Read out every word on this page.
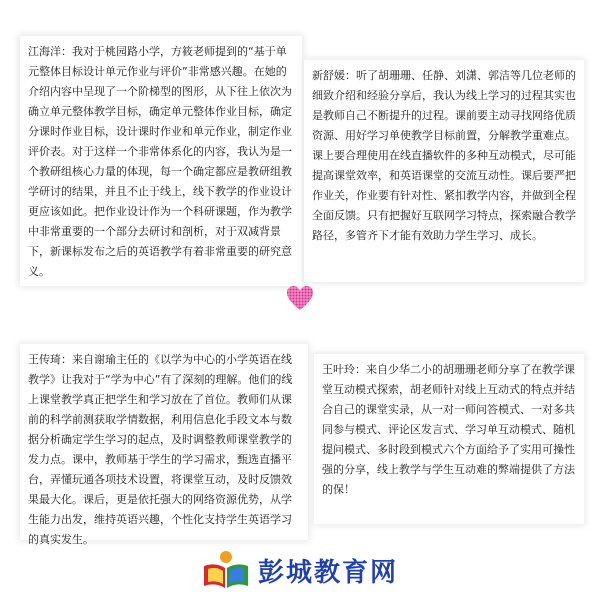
江海洋：我对于桃园路小学，方筱老师提到的“基于单元整体目标设计单元作业与评价”非常感兴趣。在她的介绍内容中呈现了一个阶梯型的图形，从下往上依次为确立单元整体教学目标，确定单元整体作业目标，确定分课时作业目标，设计课时作业和单元作业，制定作业评价表。对于这样一个非常体系化的内容，我认为是一个教研组核心力量的体现，每一个确定都应是教研组教学研讨的结果，并且不止于线上，线下教学的作业设计更应该如此。把作业设计作为一个科研课题，作为教学中非常重要的一个部分去研讨和剖析，对于双减背景下，新课标发布之后的英语教学有着非常重要的研究意义。
新舒媛：听了胡珊珊、任静、刘潇、郭洁等几位老师的细致介绍和经验分享后，我认为线上学习的过程其实也是教师自己不断提升的过程。课前要主动寻找网络优质资源、用好学习单使教学目标前置，分解教学重难点。课上要合理使用在线直播软件的多种互动模式，尽可能提高课堂效率，和英语课堂的交流互动性。课后要严把作业关，作业要有针对性、紧扣教学内容，并做到全程全面反馈。只有把握好互联网学习特点，探索融合教学路径，多管齐下才能有效助力学生学习、成长。
王传琦：来自谢瑜主任的《以学为中心的小学英语在线教学》让我对于“学为中心”有了深刻的理解。他们的线上课堂教学真正把学生和学习放在了首位。教师们从课前的科学前测获取学情数据，利用信息化手段文本与数据分析确定学生学习的起点，及时调整教师课堂教学的发力点。课中，教师基于学生的学习需求，甄选直播平台，弄懂玩通各项技术设置，将课堂互动，及时反馈效果最大化。课后，更是依托强大的网络资源优势，从学生能力出发，维持英语兴趣，个性化支持学生英语学习的真实发生。
王叶玲：来自少华二小的胡珊珊老师分享了在教学课堂互动模式探索，胡老师针对线上互动式的特点并结合自己的课堂实录，从一对一师问答模式、一对多共同参与模式、评论区发言式、学习单互动模式、随机提问模式、多时段到模式六个方面给予了实用可操性强的分享，线上教学与学生互动难的弊端提供了方法的保！
彭城教育网
